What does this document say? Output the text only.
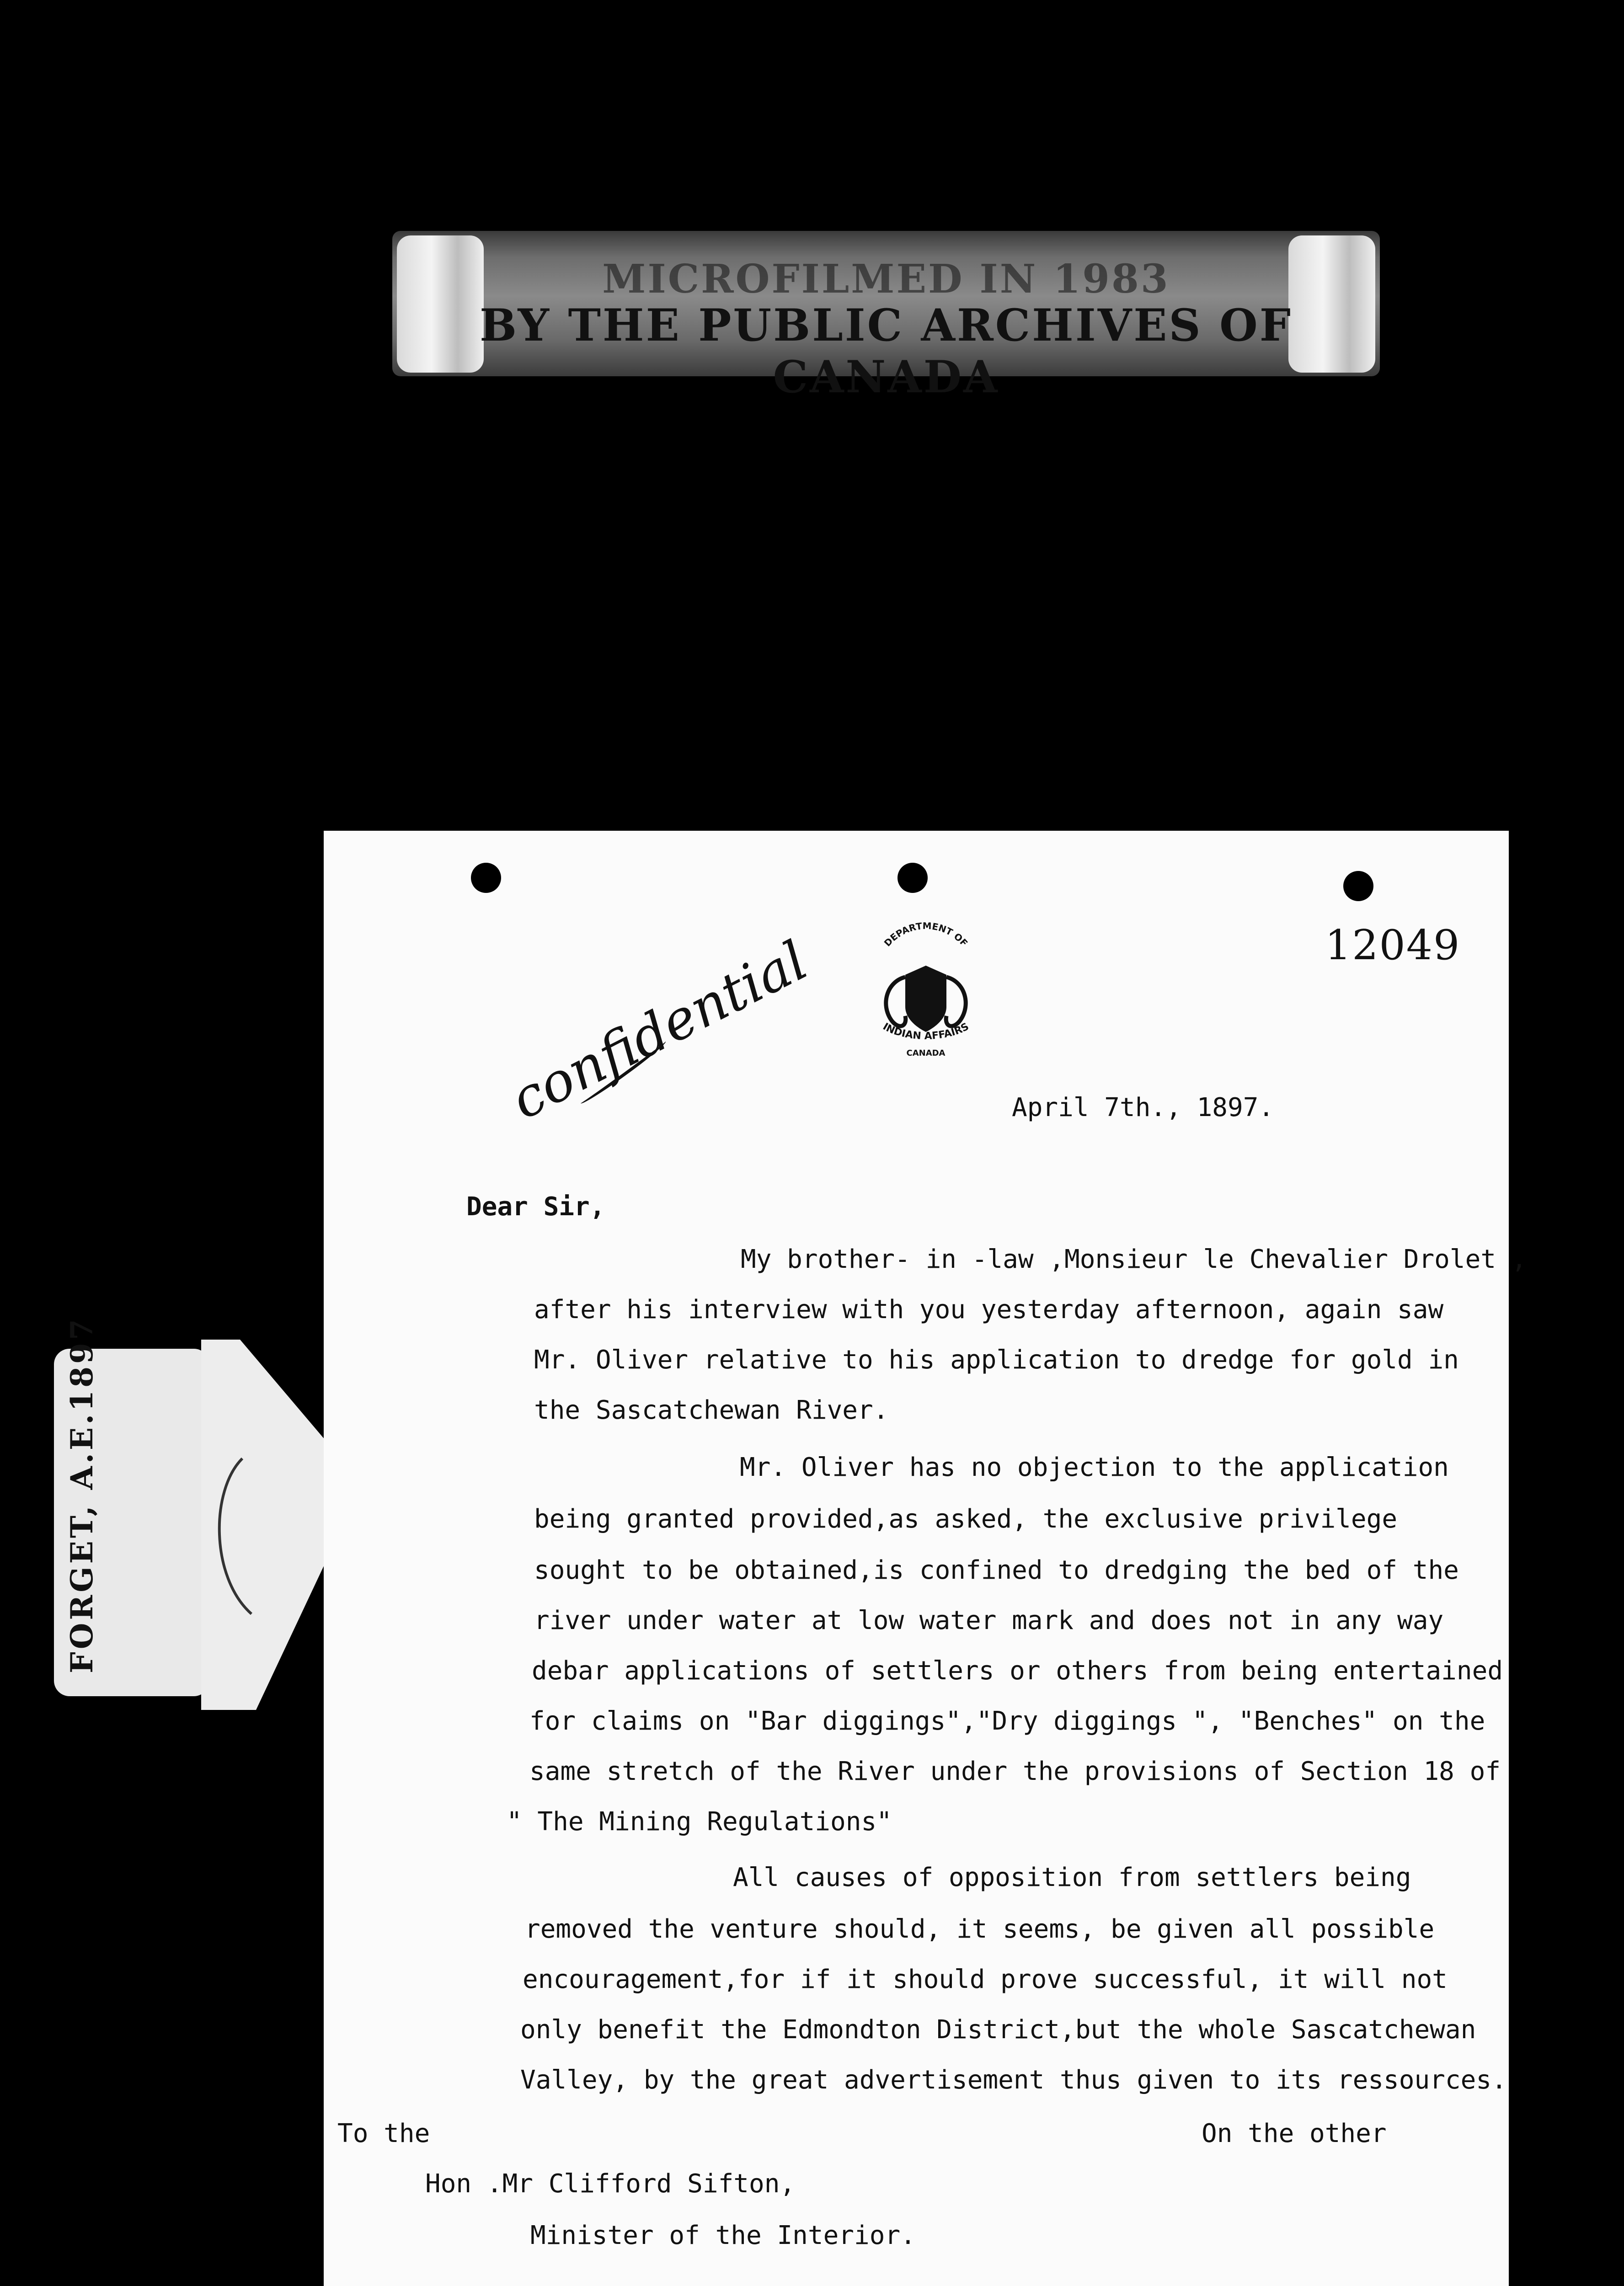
MICROFILMED IN 1983
BY THE PUBLIC ARCHIVES OF CANADA
FORGET, A.E.
1897
DEPARTMENT OF
INDIAN AFFAIRS
CANADA
12049
confidential	April 7th., 1897.
Dear Sir,
My brother- in -law ,Monsieur le Chevalier Drolet ,
after his interview with you yesterday afternoon, again saw
Mr. Oliver relative to his application to dredge for gold in
the Sascatchewan River.
Mr. Oliver has no objection to the application
being granted provided,as asked, the exclusive privilege
sought to be obtained,is confined to dredging the bed of the
river under water at low water mark and does not in any way
debar applications of settlers or others from being entertained
for claims on "Bar diggings","Dry diggings ", "Benches" on the
same stretch of the River under the provisions of Section 18 of
" The Mining Regulations"
All causes of opposition from settlers being
removed the venture should, it seems, be given all possible
encouragement,for if it should prove successful, it will not
only benefit the Edmondton District,but the whole Sascatchewan
Valley, by the great advertisement thus given to its ressources.
To the	On the other
Hon .Mr Clifford Sifton,
Minister of the Interior.
